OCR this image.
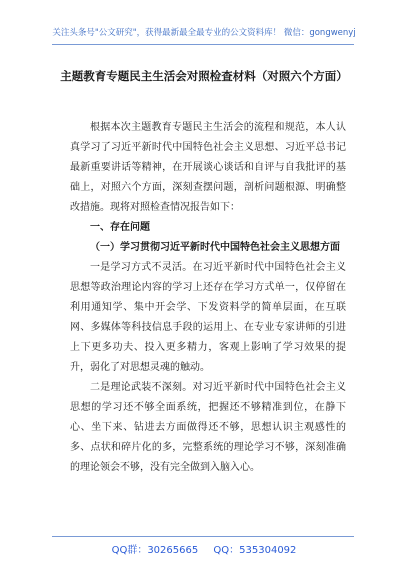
关注头条号"公文研究"，获得最新最全最专业的公文资料库！ 微信：gongwenyj
主题教育专题民主生活会对照检查材料（对照六个方面）

根据本次主题教育专题民主生活会的流程和规范，本人认真学习了习近平新时代中国特色社会主义思想、习近平总书记最新重要讲话等精神，在开展谈心谈话和自评与自我批评的基础上，对照六个方面，深刻查摆问题，剖析问题根源、明确整改措施。现将对照检查情况报告如下：

一、存在问题

（一）学习贯彻习近平新时代中国特色社会主义思想方面

一是学习方式不灵活。在习近平新时代中国特色社会主义思想等政治理论内容的学习上还存在学习方式单一，仅停留在利用通知学、集中开会学、下发资料学的简单层面，在互联网、多媒体等科技信息手段的运用上、在专业专家讲师的引进上下更多功夫、投入更多精力，客观上影响了学习效果的提升，弱化了对思想灵魂的触动。

二是理论武装不深刻。对习近平新时代中国特色社会主义思想的学习还不够全面系统，把握还不够精准到位，在静下心、坐下来、钻进去方面做得还不够，思想认识主观感性的多、点状和碎片化的多，完整系统的理论学习不够，深刻准确的理论领会不够，没有完全做到入脑入心。

QQ群：30265665 QQ：535304092
